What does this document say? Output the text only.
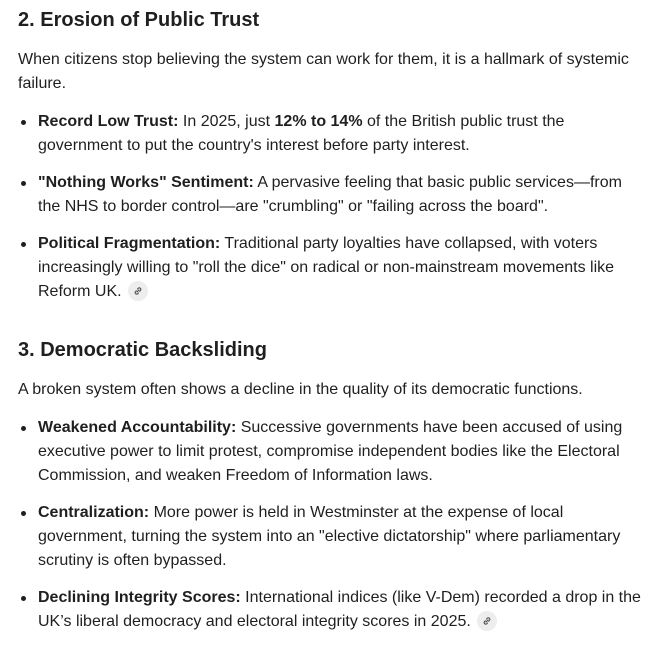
2. Erosion of Public Trust

When citizens stop believing the system can work for them, it is a hallmark of systemic failure.

Record Low Trust: In 2025, just 12% to 14% of the British public trust the government to put the country's interest before party interest.
"Nothing Works" Sentiment: A pervasive feeling that basic public services—from the NHS to border control—are "crumbling" or "failing across the board".
Political Fragmentation: Traditional party loyalties have collapsed, with voters increasingly willing to "roll the dice" on radical or non-mainstream movements like Reform UK.
3. Democratic Backsliding

A broken system often shows a decline in the quality of its democratic functions.

Weakened Accountability: Successive governments have been accused of using executive power to limit protest, compromise independent bodies like the Electoral Commission, and weaken Freedom of Information laws.
Centralization: More power is held in Westminster at the expense of local government, turning the system into an "elective dictatorship" where parliamentary scrutiny is often bypassed.
Declining Integrity Scores: International indices (like V-Dem) recorded a drop in the UK’s liberal democracy and electoral integrity scores in 2025.
